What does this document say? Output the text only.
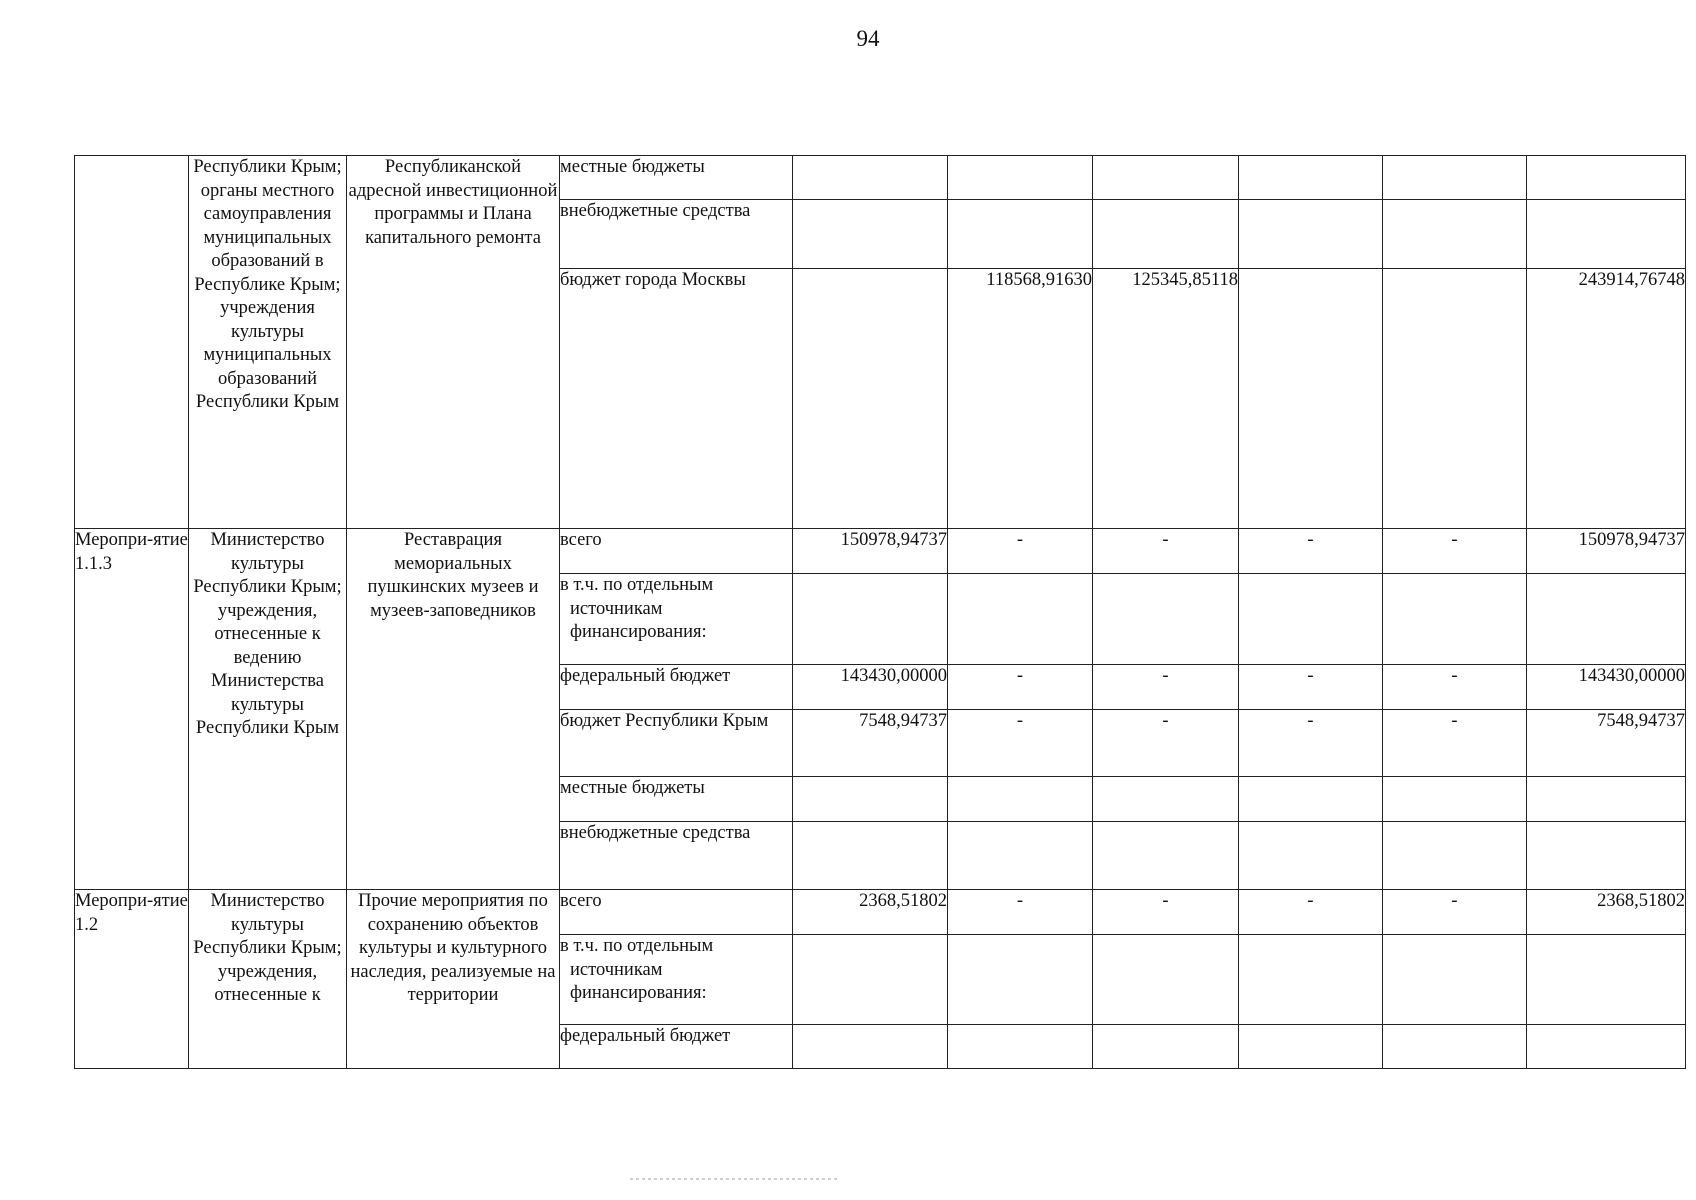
94
	Республики Крым; органы местного самоуправления муниципальных образований в Республике Крым; учреждения культуры муниципальных образований Республики Крым	Республиканской адресной инвестиционной программы и Плана капитального ремонта	местные бюджеты						

			внебюджетные средства						

			бюджет города Москвы		118568,91630	125345,85118			243914,76748
Меропри-ятие 1.1.3	Министерство культуры Республики Крым; учреждения, отнесенные к ведению Министерства культуры Республики Крым	Реставрация мемориальных пушкинских музеев и музеев-заповедников	всего	150978,94737	-	-	-	-	150978,94737

			в т.ч. по отдельным источникам финансирования:						

			федеральный бюджет	143430,00000	-	-	-	-	143430,00000

			бюджет Республики Крым	7548,94737	-	-	-	-	7548,94737

			местные бюджеты						

			внебюджетные средства						

Меропри-ятие 1.2	Министерство культуры Республики Крым; учреждения, отнесенные к	Прочие мероприятия по сохранению объектов культуры и культурного наследия, реализуемые на территории	всего	2368,51802	-	-	-	-	2368,51802

			в т.ч. по отдельным источникам финансирования:						

			федеральный бюджет						
